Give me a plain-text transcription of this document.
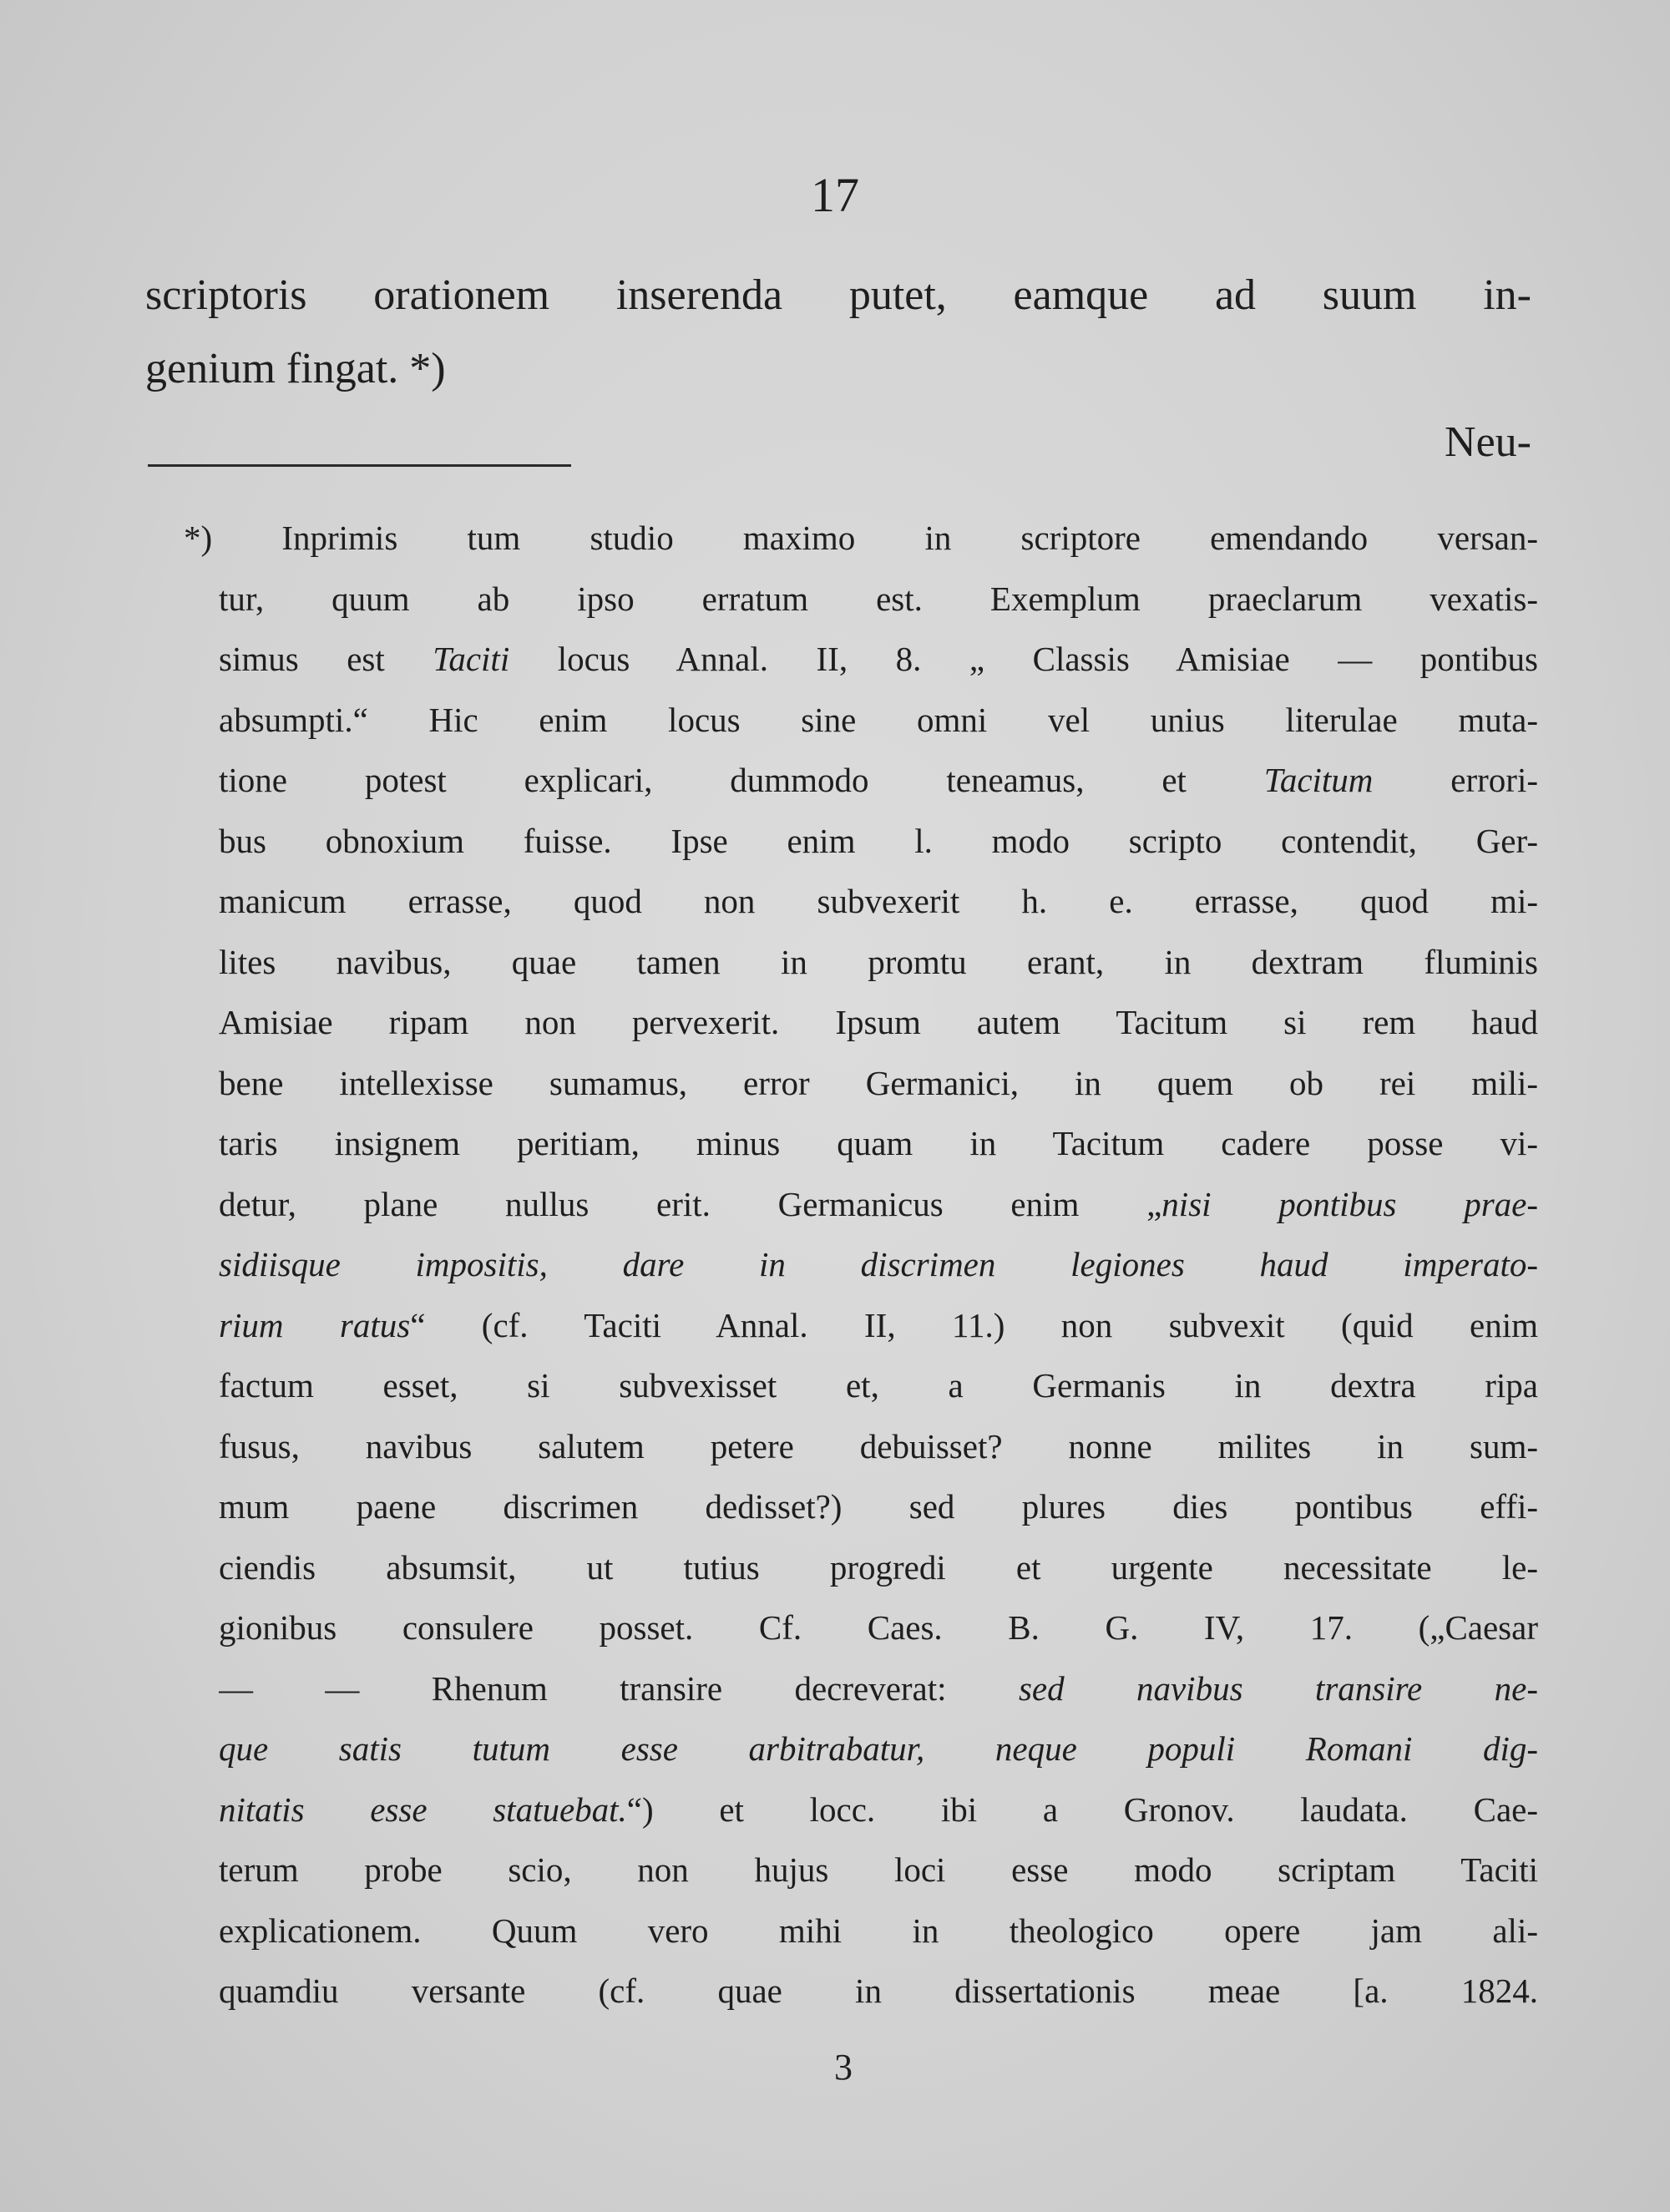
17
scriptoris orationem inserenda putet, eamque ad suum in-
genium fingat. *)
Neu-
*) Inprimis tum studio maximo in scriptore emendando versan-
tur, quum ab ipso erratum est. Exemplum praeclarum vexatis-
simus est Taciti locus Annal. II, 8. „ Classis Amisiae — pontibus
absumpti.“ Hic enim locus sine omni vel unius literulae muta-
tione potest explicari, dummodo teneamus, et Tacitum errori-
bus obnoxium fuisse. Ipse enim l. modo scripto contendit, Ger-
manicum errasse, quod non subvexerit h. e. errasse, quod mi-
lites navibus, quae tamen in promtu erant, in dextram fluminis
Amisiae ripam non pervexerit. Ipsum autem Tacitum si rem haud
bene intellexisse sumamus, error Germanici, in quem ob rei mili-
taris insignem peritiam, minus quam in Tacitum cadere posse vi-
detur, plane nullus erit. Germanicus enim „nisi pontibus prae-
sidiisque impositis, dare in discrimen legiones haud imperato-
rium ratus“ (cf. Taciti Annal. II, 11.) non subvexit (quid enim
factum esset, si subvexisset et, a Germanis in dextra ripa
fusus, navibus salutem petere debuisset? nonne milites in sum-
mum paene discrimen dedisset?) sed plures dies pontibus effi-
ciendis absumsit, ut tutius progredi et urgente necessitate le-
gionibus consulere posset. Cf. Caes. B. G. IV, 17. („Caesar
— — Rhenum transire decreverat: sed navibus transire ne-
que satis tutum esse arbitrabatur, neque populi Romani dig-
nitatis esse statuebat.“) et locc. ibi a Gronov. laudata. Cae-
terum probe scio, non hujus loci esse modo scriptam Taciti
explicationem. Quum vero mihi in theologico opere jam ali-
quamdiu versante (cf. quae in dissertationis meae [a. 1824.
3
